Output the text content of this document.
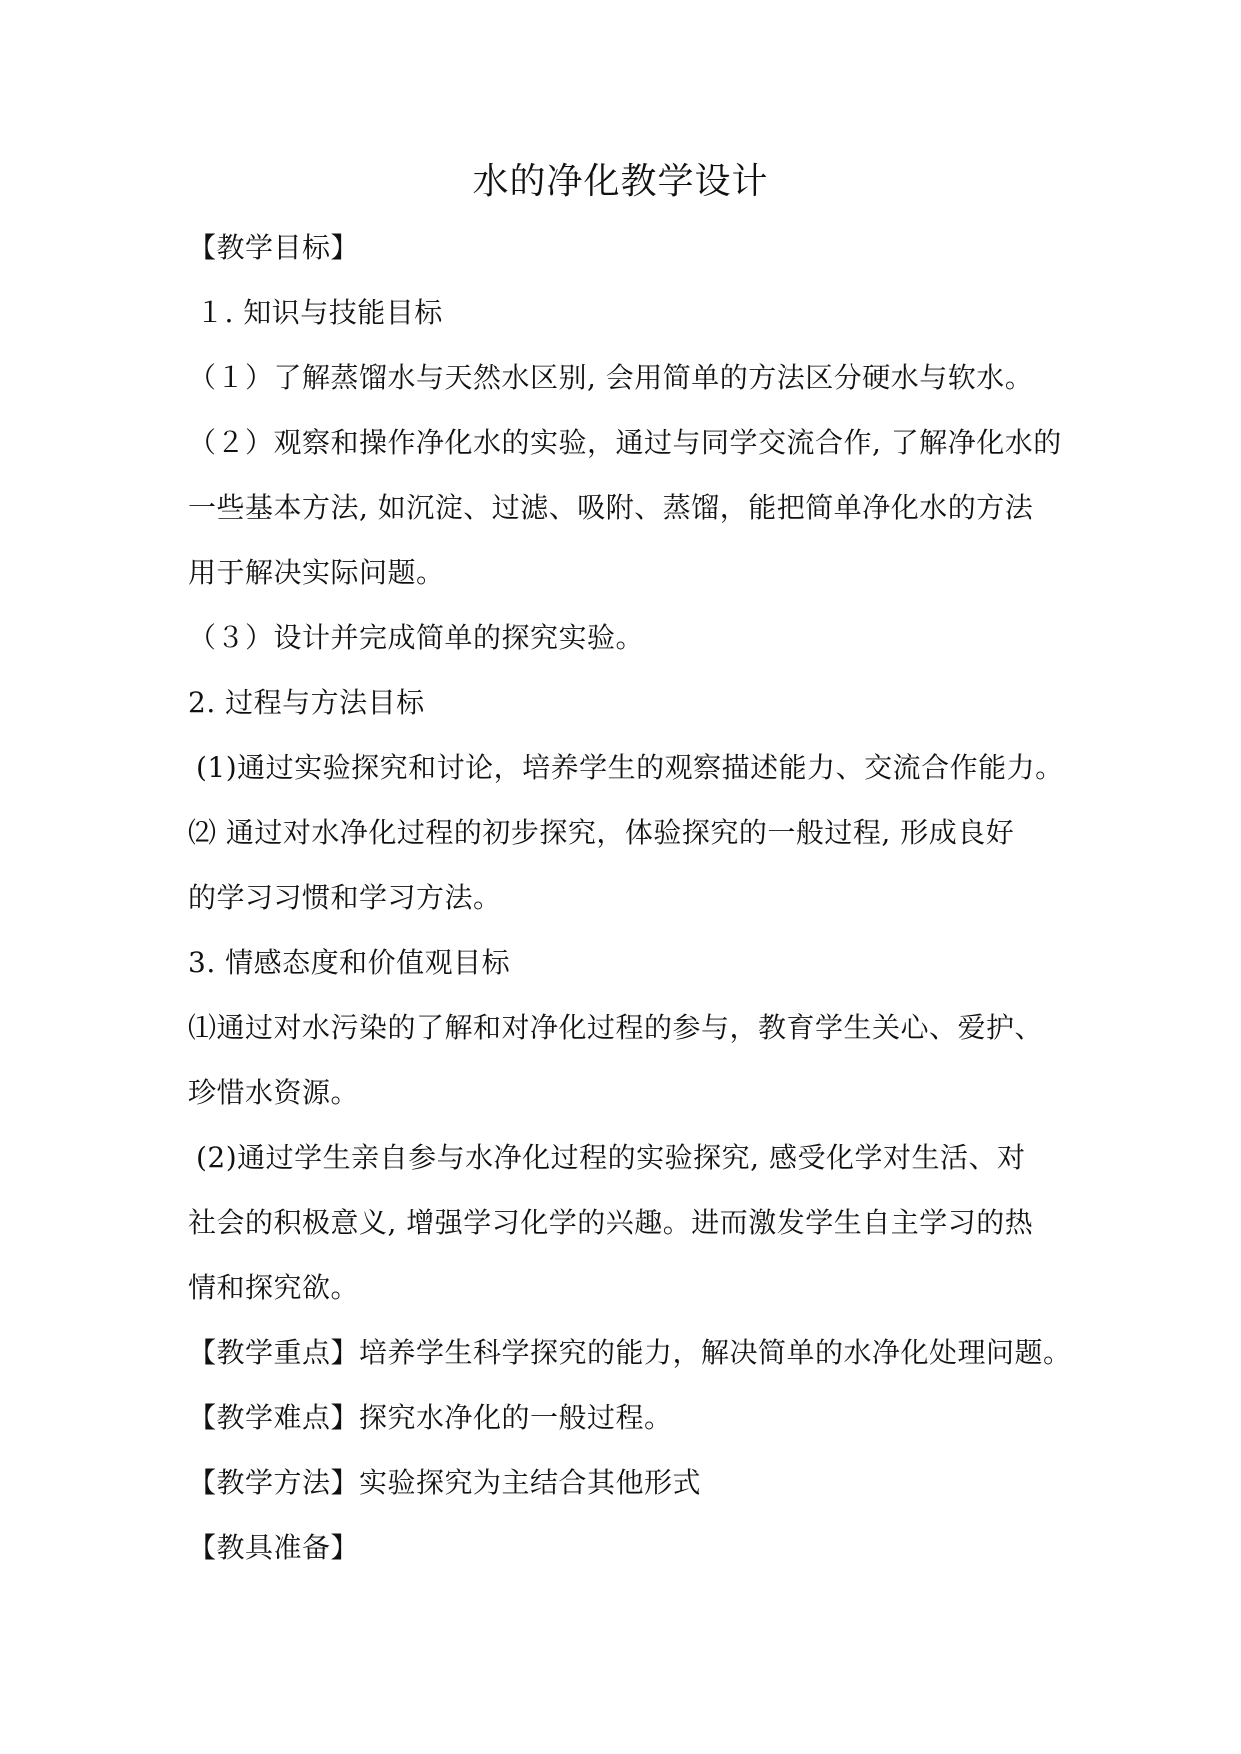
水的净化教学设计
【教学目标】
１. 知识与技能目标
（１）了解蒸馏水与天然水区别, 会用简单的方法区分硬水与软水。
（２）观察和操作净化水的实验，通过与同学交流合作, 了解净化水的
一些基本方法, 如沉淀、过滤、吸附、蒸馏，能把简单净化水的方法
用于解决实际问题。
（３）设计并完成简单的探究实验。
2. 过程与方法目标
(1)通过实验探究和讨论，培养学生的观察描述能力、交流合作能力。
⑵ 通过对水净化过程的初步探究，体验探究的一般过程, 形成良好
的学习习惯和学习方法。
3. 情感态度和价值观目标
⑴通过对水污染的了解和对净化过程的参与，教育学生关心、爱护、
珍惜水资源。
(2)通过学生亲自参与水净化过程的实验探究, 感受化学对生活、对
社会的积极意义, 增强学习化学的兴趣。进而激发学生自主学习的热
情和探究欲。
【教学重点】培养学生科学探究的能力，解决简单的水净化处理问题。
【教学难点】探究水净化的一般过程。
【教学方法】实验探究为主结合其他形式
【教具准备】
